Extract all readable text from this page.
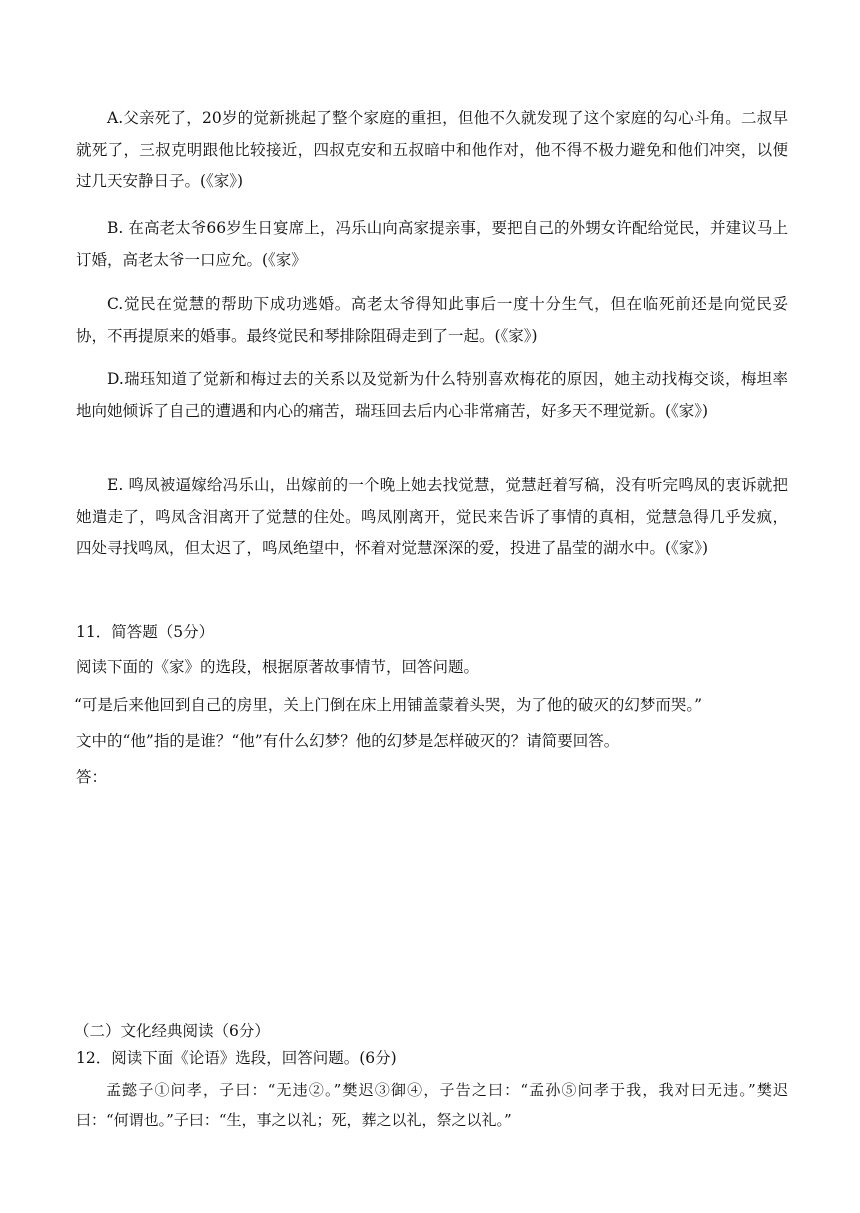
A.父亲死了，20岁的觉新挑起了整个家庭的重担，但他不久就发现了这个家庭的勾心斗角。二叔早就死了，三叔克明跟他比较接近，四叔克安和五叔暗中和他作对，他不得不极力避免和他们冲突，以便过几天安静日子。(《家》)
B. 在高老太爷66岁生日宴席上，冯乐山向高家提亲事，要把自己的外甥女许配给觉民，并建议马上订婚，高老太爷一口应允。(《家》
C.觉民在觉慧的帮助下成功逃婚。高老太爷得知此事后一度十分生气，但在临死前还是向觉民妥协，不再提原来的婚事。最终觉民和琴排除阻碍走到了一起。(《家》)
D.瑞珏知道了觉新和梅过去的关系以及觉新为什么特别喜欢梅花的原因，她主动找梅交谈，梅坦率地向她倾诉了自己的遭遇和内心的痛苦，瑞珏回去后内心非常痛苦，好多天不理觉新。(《家》)
E. 鸣凤被逼嫁给冯乐山，出嫁前的一个晚上她去找觉慧，觉慧赶着写稿，没有听完鸣凤的衷诉就把她遣走了，鸣凤含泪离开了觉慧的住处。鸣凤刚离开，觉民来告诉了事情的真相，觉慧急得几乎发疯，四处寻找鸣凤，但太迟了，鸣凤绝望中，怀着对觉慧深深的爱，投进了晶莹的湖水中。(《家》)
11．简答题（5分）
阅读下面的《家》的选段，根据原著故事情节，回答问题。
“可是后来他回到自己的房里，关上门倒在床上用铺盖蒙着头哭，为了他的破灭的幻梦而哭。”
文中的“他”指的是谁？“他”有什么幻梦？他的幻梦是怎样破灭的？请简要回答。
答：
（二）文化经典阅读（6分）
12．阅读下面《论语》选段，回答问题。(6分)
孟懿子①问孝，子曰：“无违②。”樊迟③御④，子告之曰：“孟孙⑤问孝于我，我对曰无违。”樊迟曰：“何谓也。”子曰：“生，事之以礼；死，葬之以礼，祭之以礼。”
